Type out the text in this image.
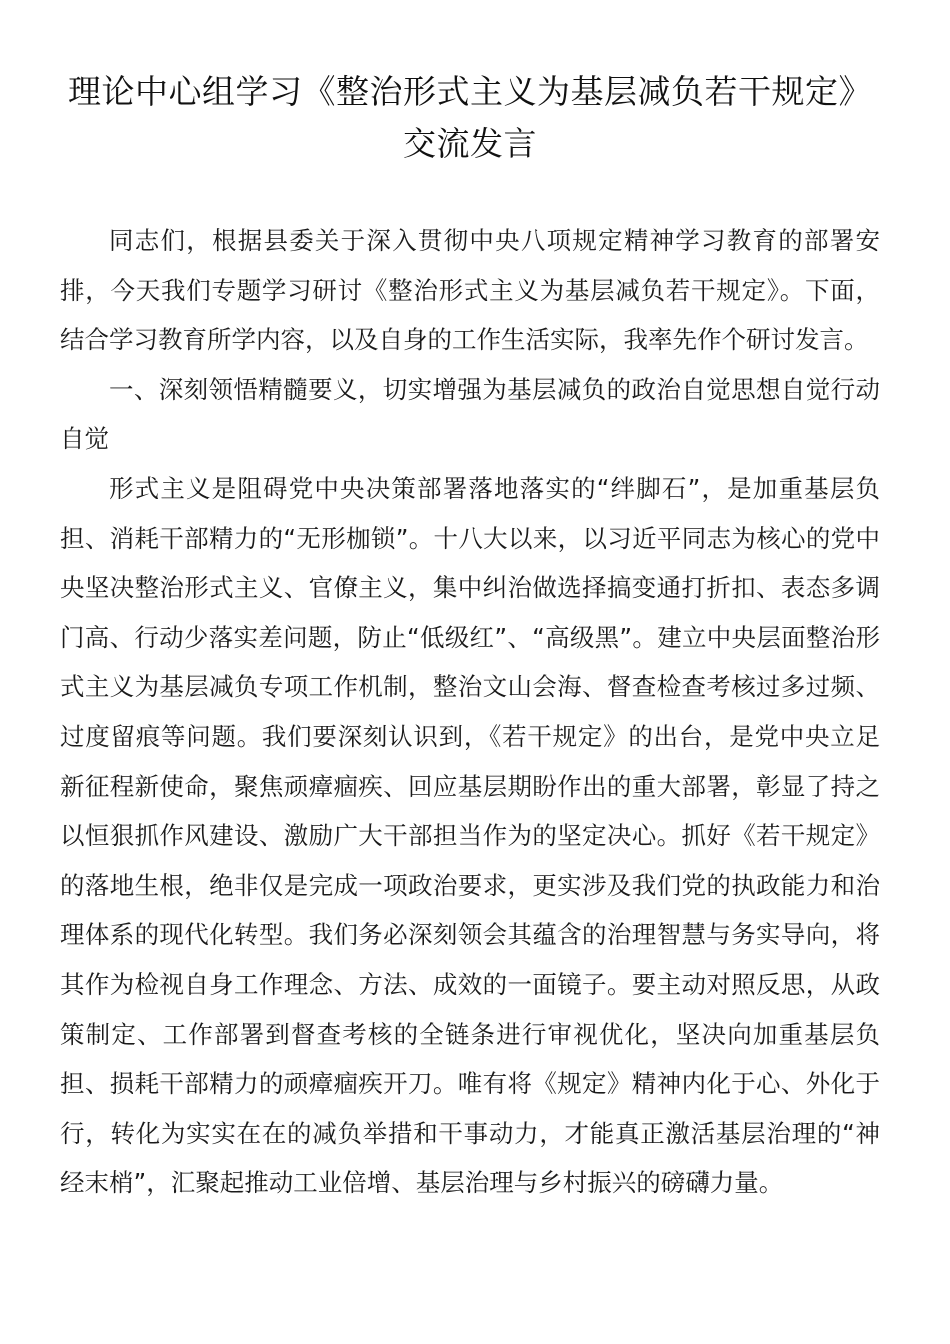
理论中心组学习《整治形式主义为基层减负若干规定》交流发言

同志们，根据县委关于深入贯彻中央八项规定精神学习教育的部署安排，今天我们专题学习研讨《整治形式主义为基层减负若干规定》。下面，结合学习教育所学内容，以及自身的工作生活实际，我率先作个研讨发言。

一、深刻领悟精髓要义，切实增强为基层减负的政治自觉思想自觉行动自觉

形式主义是阻碍党中央决策部署落地落实的“绊脚石”，是加重基层负担、消耗干部精力的“无形枷锁”。十八大以来，以习近平同志为核心的党中央坚决整治形式主义、官僚主义，集中纠治做选择搞变通打折扣、表态多调门高、行动少落实差问题，防止“低级红”、“高级黑”。建立中央层面整治形式主义为基层减负专项工作机制，整治文山会海、督查检查考核过多过频、过度留痕等问题。我们要深刻认识到，《若干规定》的出台，是党中央立足新征程新使命，聚焦顽瘴痼疾、回应基层期盼作出的重大部署，彰显了持之以恒狠抓作风建设、激励广大干部担当作为的坚定决心。抓好《若干规定》的落地生根，绝非仅是完成一项政治要求，更实涉及我们党的执政能力和治理体系的现代化转型。我们务必深刻领会其蕴含的治理智慧与务实导向，将其作为检视自身工作理念、方法、成效的一面镜子。要主动对照反思，从政策制定、工作部署到督查考核的全链条进行审视优化，坚决向加重基层负担、损耗干部精力的顽瘴痼疾开刀。唯有将《规定》精神内化于心、外化于行，转化为实实在在的减负举措和干事动力，才能真正激活基层治理的“神经末梢”，汇聚起推动工业倍增、基层治理与乡村振兴的磅礴力量。
